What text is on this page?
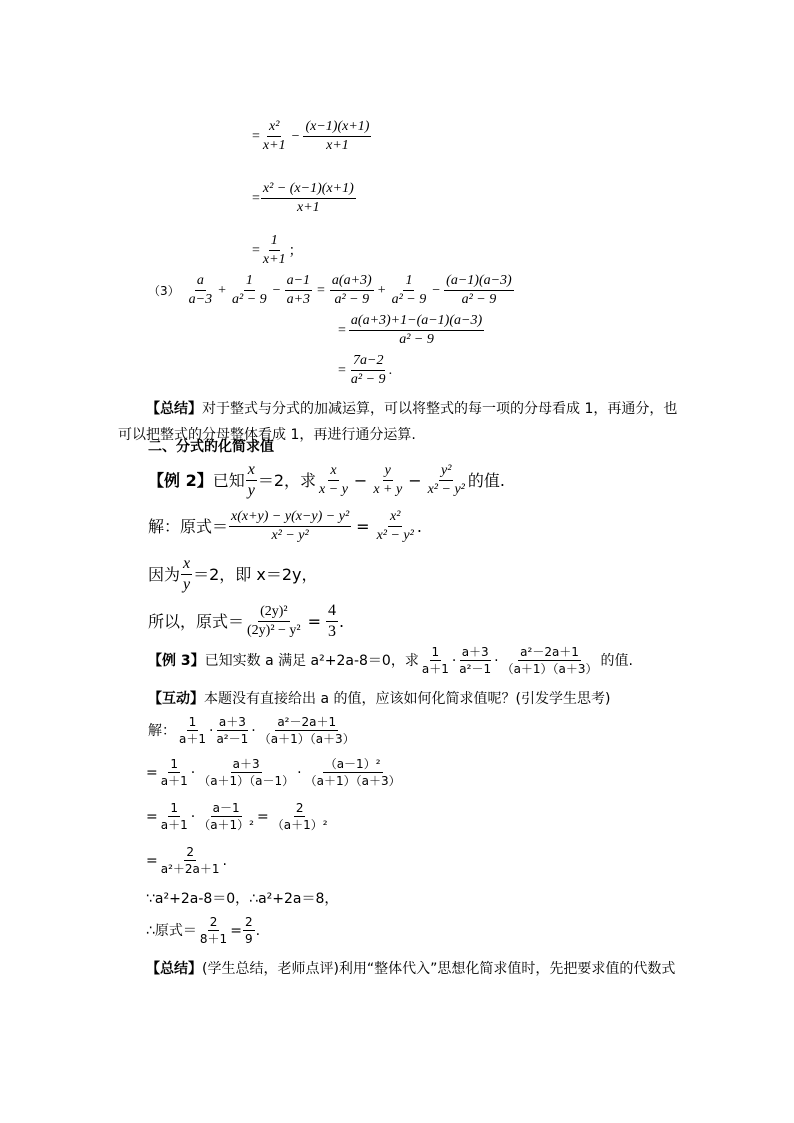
= $\frac{\text{x²}}{x+1} - \frac{(x-1)(x+1)}{x+1}$
= $\frac{\text{x² − (x−1)(x+1)}}{x+1}$
= $\frac{1}{x+1}$ ；
$(3) \frac{a}{a-3} + \frac{1}{\text{a² − 9}} - \frac{a-1}{a+3} = \frac{a(a+3)}{\text{a² − 9}} + \frac{1}{\text{a² − 9}} - \frac{(a-1)(a-3)}{\text{a² − 9}}$
= $\frac{a(a+3)+1-(a-1)(a-3)}{\text{a² − 9}}$
= $\frac{7a-2}{\text{a² − 9}}$ .
【总结】对于整式与分式的加减运算，可以将整式的每一项的分母看成 1，再通分，也可以把整式的分母整体看成 1，再进行通分运算.
二、分式的化简求值
【例 2】 已知 $\frac{x}{y} =2$，求 $\frac{x}{x - y} - \frac{y}{x + y} - \frac{\text{y²}}{\text{x² − y²}}$ 的值.
解：原式＝ $\frac{\text{x(x+y) − y(x−y) − y²}}{\text{x² − y²}} = \frac{\text{x²}}{\text{x² − y²}}$ .
因为 $\frac{x}{y} =2$，即 x＝2y，
所以，原式＝ $\frac{\text{(2y)²}}{\text{(2y)² − y²}} = \frac{4}{3}$ .
【例 3】 已知实数 a 满足 a²+2a-8＝0，求 $\frac{1}{a+1} \cdot \frac{a+3}{\text{a²－1}} \cdot \frac{\text{a²－2a＋1}}{(a+1)(a+3)}$ 的值.
【互动】 本题没有直接给出 a 的值，应该如何化简求值呢？(引发学生思考)
解： $\frac{1}{a+1} \cdot \frac{a+3}{\text{a²－1}} \cdot \frac{\text{a²－2a＋1}}{(a+1)(a+3)}$
= $\frac{1}{a+1} \cdot \frac{a+3}{(a+1)(a-1)} \cdot \frac{\text{（a－1）²}}{(a+1)(a+3)}$
= $\frac{1}{a+1} \cdot \frac{a-1}{\text{（a＋1）²}} = \frac{2}{\text{（a＋1）²}}$
= $\frac{2}{\text{a²＋2a＋1}}$ .
∵a²+2a-8＝0，∴a²+2a＝8，
∴原式＝ $\frac{2}{8+1} = \frac{2}{9}$ .
【总结】(学生总结，老师点评)利用“整体代入”思想化简求值时，先把要求值的代数式
